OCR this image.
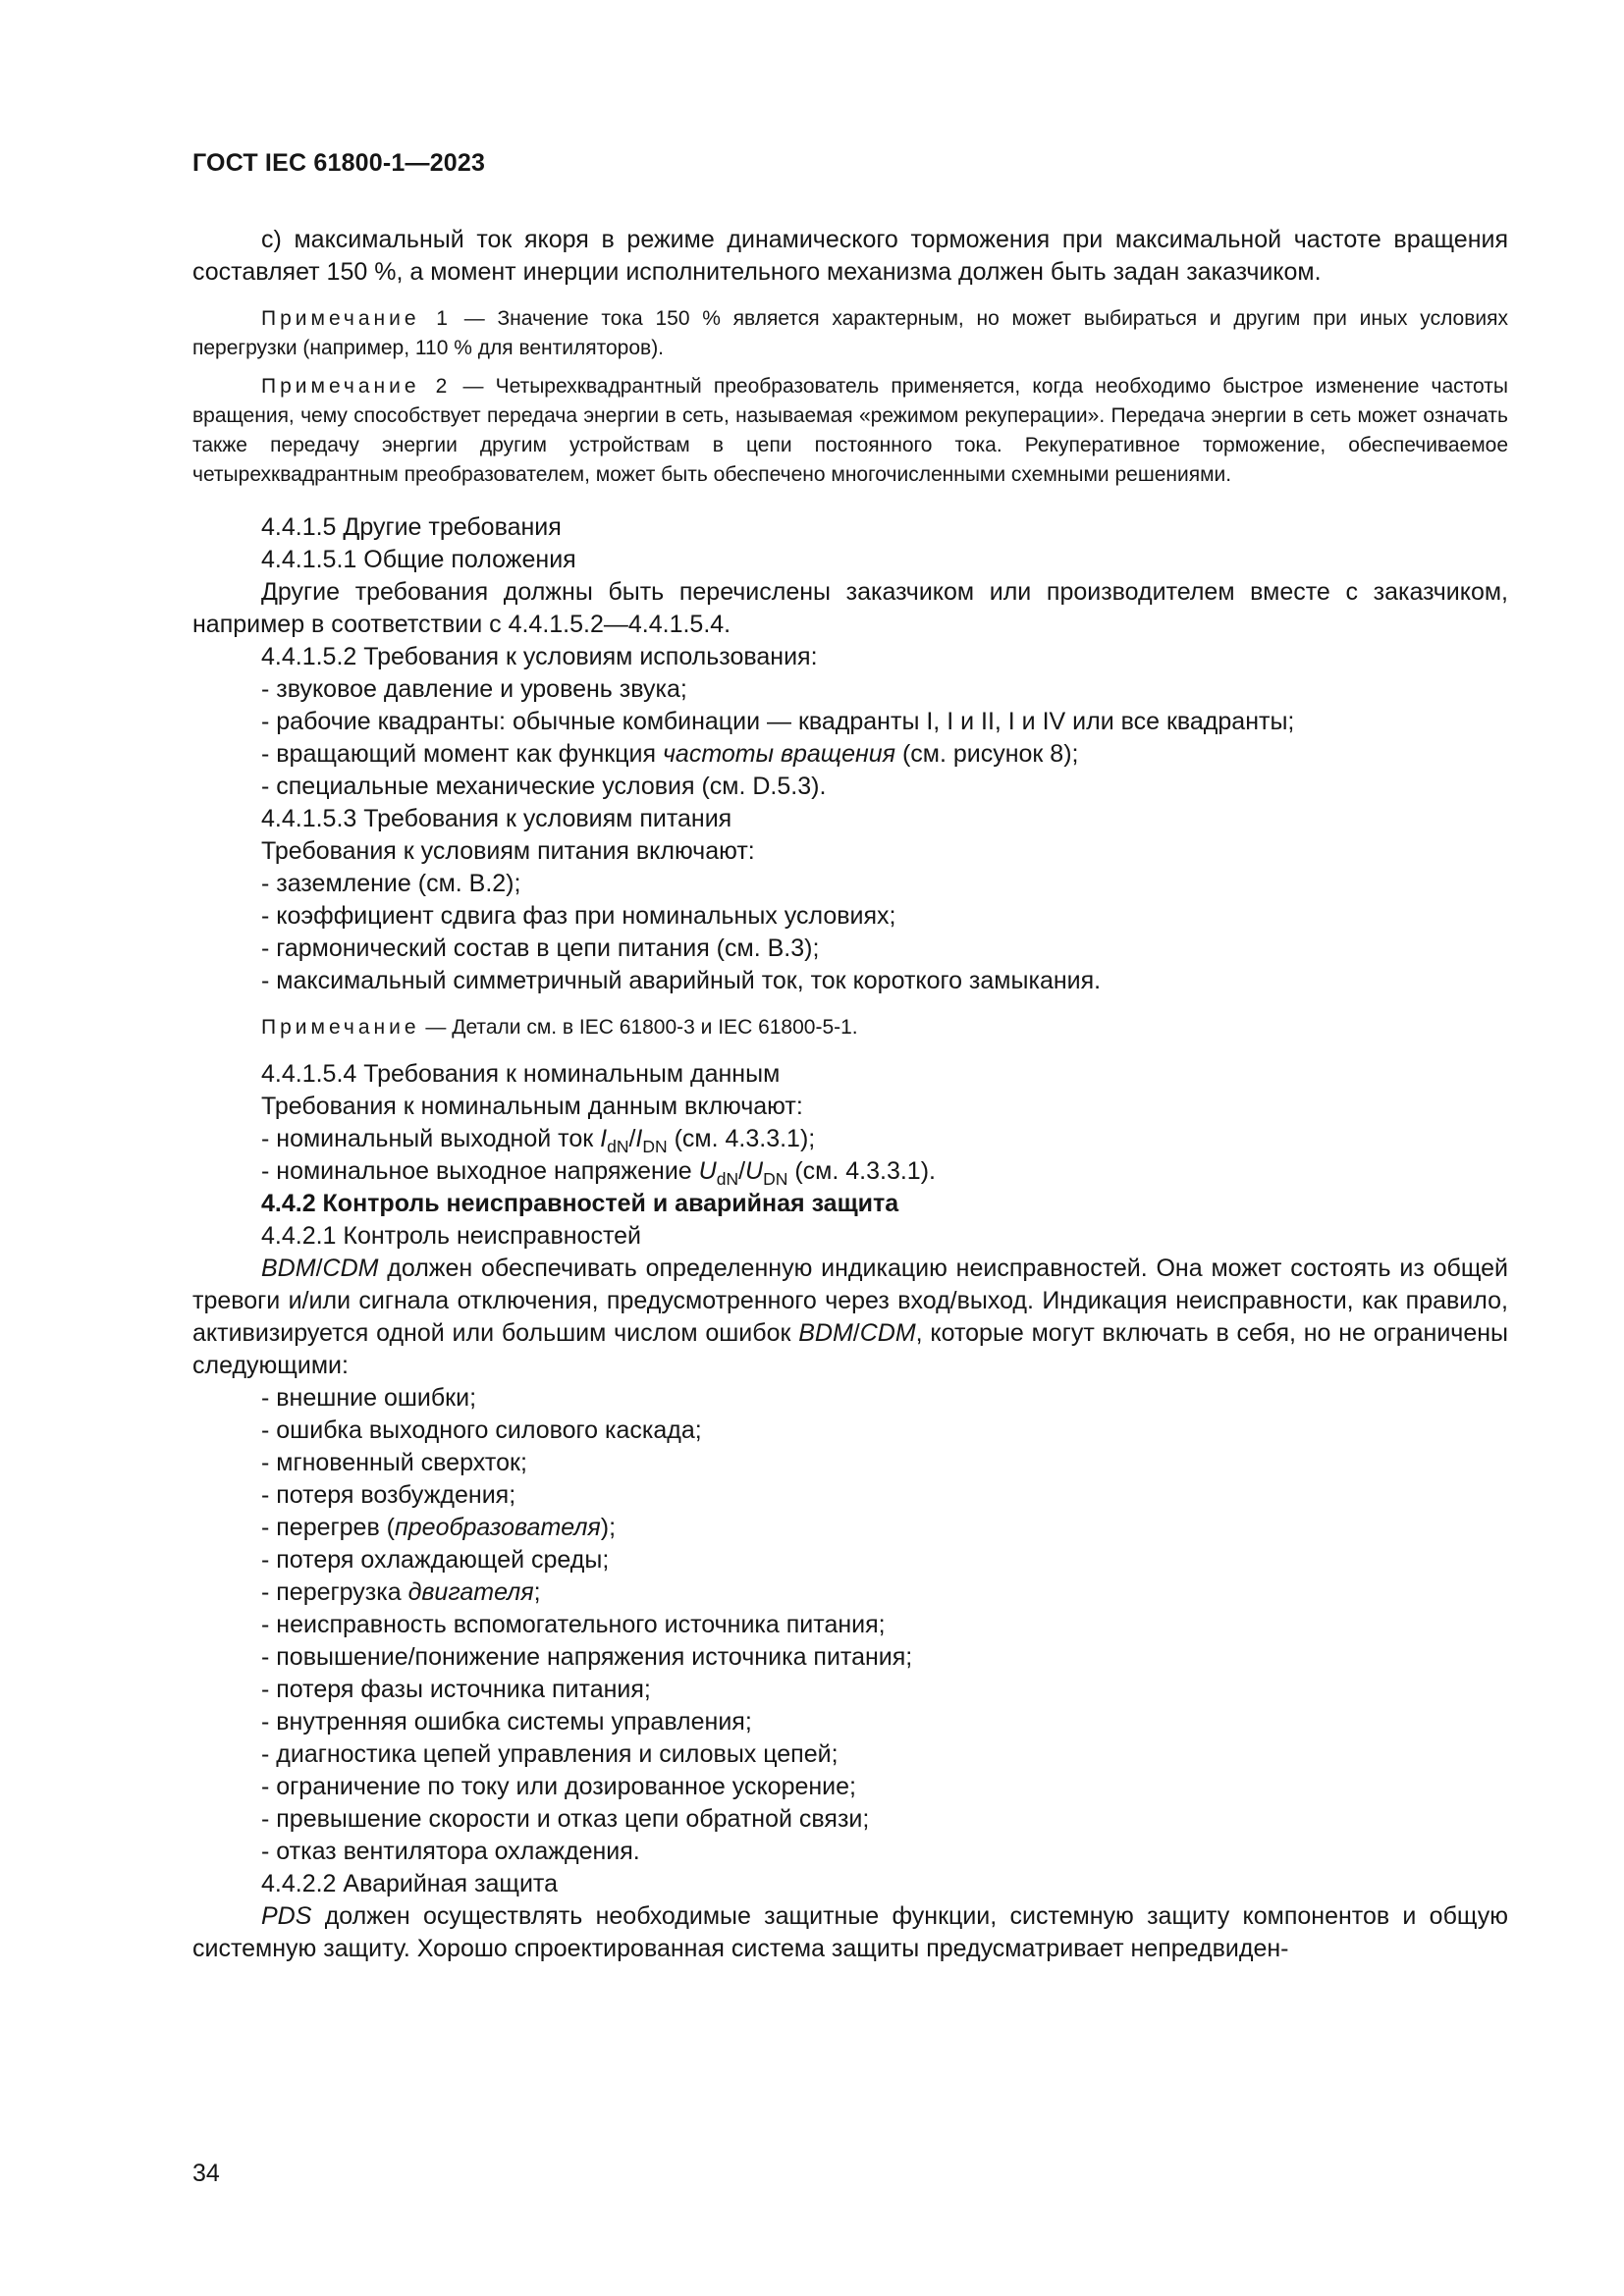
ГОСТ IEC 61800-1—2023

с) максимальный ток якоря в режиме динамического торможения при максимальной частоте вращения составляет 150 %, а момент инерции исполнительного механизма должен быть задан заказчиком.

Примечание 1 — Значение тока 150 % является характерным, но может выбираться и другим при иных условиях перегрузки (например, 110 % для вентиляторов).

Примечание 2 — Четырехквадрантный преобразователь применяется, когда необходимо быстрое изменение частоты вращения, чему способствует передача энергии в сеть, называемая «режимом рекуперации». Передача энергии в сеть может означать также передачу энергии другим устройствам в цепи постоянного тока. Рекуперативное торможение, обеспечиваемое четырехквадрантным преобразователем, может быть обеспечено многочисленными схемными решениями.

4.4.1.5 Другие требования

4.4.1.5.1 Общие положения

Другие требования должны быть перечислены заказчиком или производителем вместе с заказчиком, например в соответствии с 4.4.1.5.2—4.4.1.5.4.

4.4.1.5.2 Требования к условиям использования:

- звуковое давление и уровень звука;

- рабочие квадранты: обычные комбинации — квадранты I, I и II, I и IV или все квадранты;

- вращающий момент как функция частоты вращения (см. рисунок 8);

- специальные механические условия (см. D.5.3).

4.4.1.5.3 Требования к условиям питания

Требования к условиям питания включают:

- заземление (см. В.2);

- коэффициент сдвига фаз при номинальных условиях;

- гармонический состав в цепи питания (см. В.3);

- максимальный симметричный аварийный ток, ток короткого замыкания.

Примечание — Детали см. в IEC 61800-3 и IEC 61800-5-1.

4.4.1.5.4 Требования к номинальным данным

Требования к номинальным данным включают:

- номинальный выходной ток $I_{dN}/I_{DN}$ (см. 4.3.3.1);

- номинальное выходное напряжение $U_{dN}/U_{DN}$ (см. 4.3.3.1).

4.4.2 Контроль неисправностей и аварийная защита

4.4.2.1 Контроль неисправностей

BDM/CDM должен обеспечивать определенную индикацию неисправностей. Она может состоять из общей тревоги и/или сигнала отключения, предусмотренного через вход/выход. Индикация неисправности, как правило, активизируется одной или большим числом ошибок BDM/CDM, которые могут включать в себя, но не ограничены следующими:

- внешние ошибки;

- ошибка выходного силового каскада;

- мгновенный сверхток;

- потеря возбуждения;

- перегрев (преобразователя);

- потеря охлаждающей среды;

- перегрузка двигателя;

- неисправность вспомогательного источника питания;

- повышение/понижение напряжения источника питания;

- потеря фазы источника питания;

- внутренняя ошибка системы управления;

- диагностика цепей управления и силовых цепей;

- ограничение по току или дозированное ускорение;

- превышение скорости и отказ цепи обратной связи;

- отказ вентилятора охлаждения.

4.4.2.2 Аварийная защита

PDS должен осуществлять необходимые защитные функции, системную защиту компонентов и общую системную защиту. Хорошо спроектированная система защиты предусматривает непредвиден-

34
